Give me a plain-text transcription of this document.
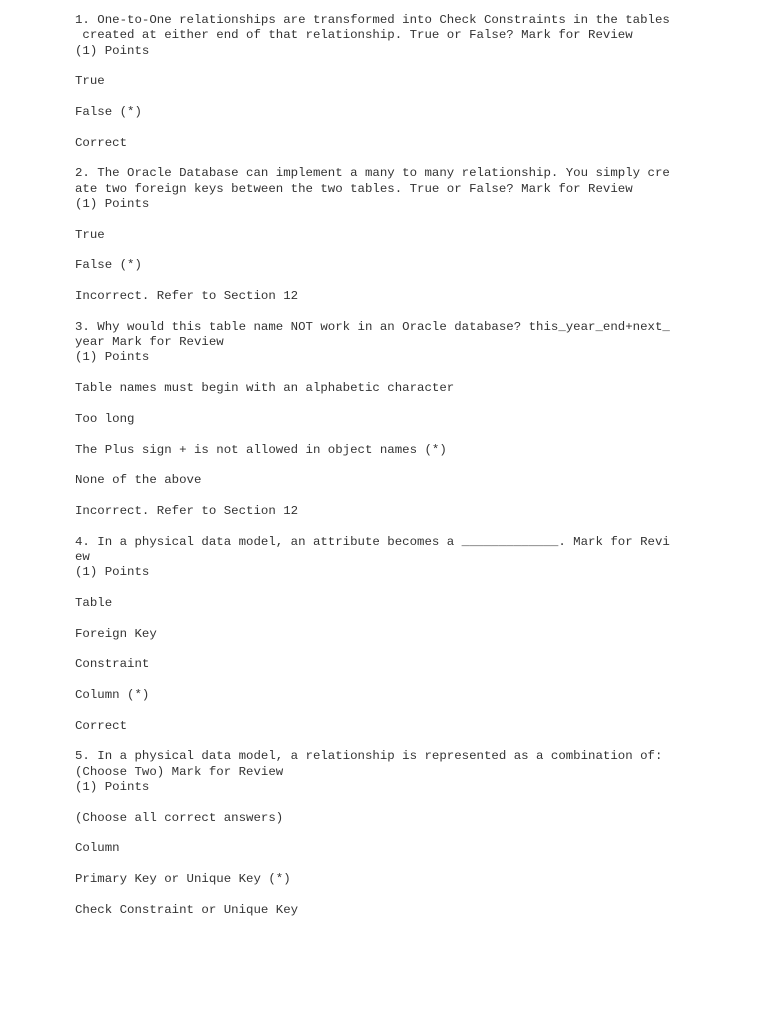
1. One-to-One relationships are transformed into Check Constraints in the tables

created at either end of that relationship. True or False? Mark for Review

(1) Points

True

False (*)

Correct

2. The Oracle Database can implement a many to many relationship. You simply cre

ate two foreign keys between the two tables. True or False? Mark for Review

(1) Points

True

False (*)

Incorrect. Refer to Section 12

3. Why would this table name NOT work in an Oracle database? this_year_end+next_

year Mark for Review

(1) Points

Table names must begin with an alphabetic character

Too long

The Plus sign + is not allowed in object names (*)

None of the above

Incorrect. Refer to Section 12

4. In a physical data model, an attribute becomes a _____________. Mark for Revi

ew

(1) Points

Table

Foreign Key

Constraint

Column (*)

Correct

5. In a physical data model, a relationship is represented as a combination of:

(Choose Two) Mark for Review

(1) Points

(Choose all correct answers)

Column

Primary Key or Unique Key (*)

Check Constraint or Unique Key
